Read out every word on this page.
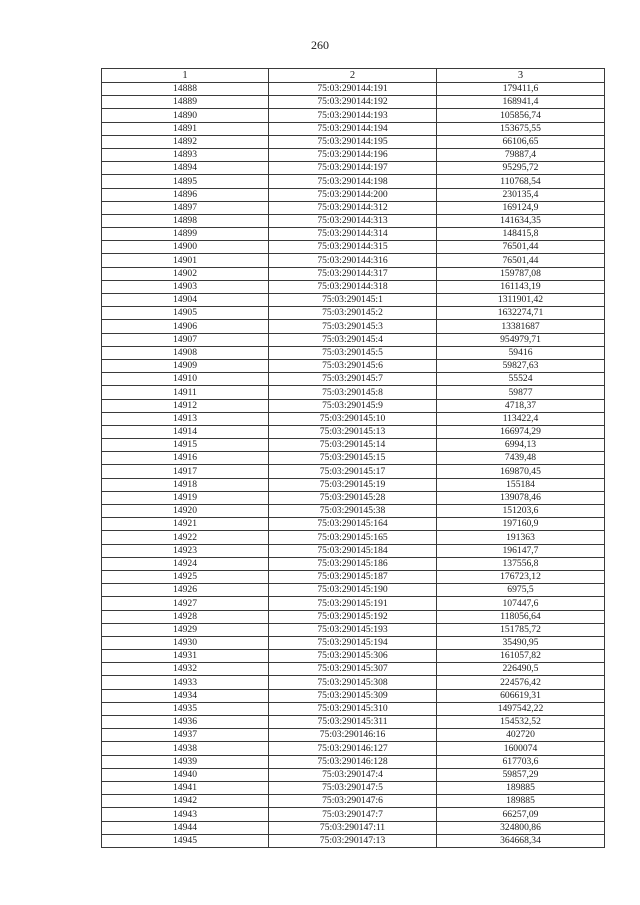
260
1	2	3
14888	75:03:290144:191	179411,6
14889	75:03:290144:192	168941,4
14890	75:03:290144:193	105856,74
14891	75:03:290144:194	153675,55
14892	75:03:290144:195	66106,65
14893	75:03:290144:196	79887,4
14894	75:03:290144:197	95295,72
14895	75:03:290144:198	110768,54
14896	75:03:290144:200	230135,4
14897	75:03:290144:312	169124,9
14898	75:03:290144:313	141634,35
14899	75:03:290144:314	148415,8
14900	75:03:290144:315	76501,44
14901	75:03:290144:316	76501,44
14902	75:03:290144:317	159787,08
14903	75:03:290144:318	161143,19
14904	75:03:290145:1	1311901,42
14905	75:03:290145:2	1632274,71
14906	75:03:290145:3	13381687
14907	75:03:290145:4	954979,71
14908	75:03:290145:5	59416
14909	75:03:290145:6	59827,63
14910	75:03:290145:7	55524
14911	75:03:290145:8	59877
14912	75:03:290145:9	4718,37
14913	75:03:290145:10	113422,4
14914	75:03:290145:13	166974,29
14915	75:03:290145:14	6994,13
14916	75:03:290145:15	7439,48
14917	75:03:290145:17	169870,45
14918	75:03:290145:19	155184
14919	75:03:290145:28	139078,46
14920	75:03:290145:38	151203,6
14921	75:03:290145:164	197160,9
14922	75:03:290145:165	191363
14923	75:03:290145:184	196147,7
14924	75:03:290145:186	137556,8
14925	75:03:290145:187	176723,12
14926	75:03:290145:190	6975,5
14927	75:03:290145:191	107447,6
14928	75:03:290145:192	118056,64
14929	75:03:290145:193	151785,72
14930	75:03:290145:194	35490,95
14931	75:03:290145:306	161057,82
14932	75:03:290145:307	226490,5
14933	75:03:290145:308	224576,42
14934	75:03:290145:309	606619,31
14935	75:03:290145:310	1497542,22
14936	75:03:290145:311	154532,52
14937	75:03:290146:16	402720
14938	75:03:290146:127	1600074
14939	75:03:290146:128	617703,6
14940	75:03:290147:4	59857,29
14941	75:03:290147:5	189885
14942	75:03:290147:6	189885
14943	75:03:290147:7	66257,09
14944	75:03:290147:11	324800,86
14945	75:03:290147:13	364668,34
